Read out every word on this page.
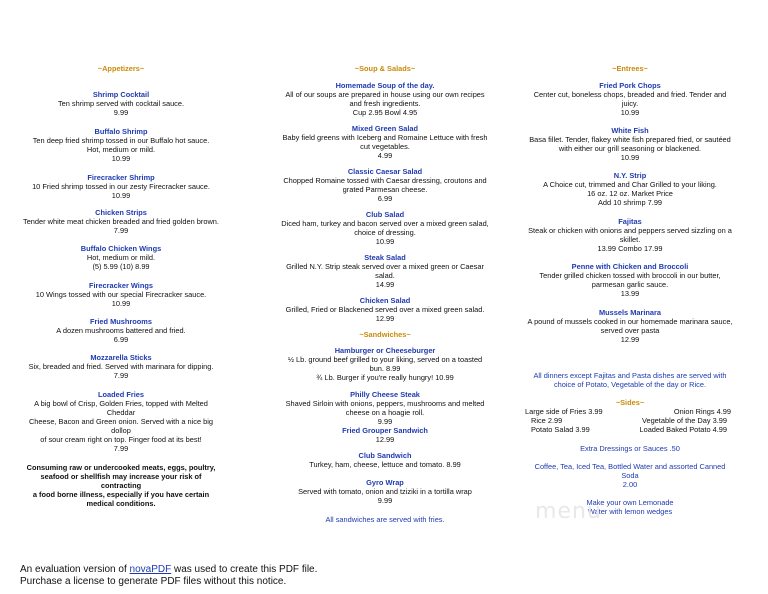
~Appetizers~
Shrimp Cocktail
Ten shrimp served with cocktail sauce.
9.99
Buffalo Shrimp
Ten deep fried shrimp tossed in our Buffalo hot sauce.
Hot, medium or mild.
10.99
Firecracker Shrimp
10 Fried shrimp tossed in our zesty Firecracker sauce.
10.99
Chicken Strips
Tender white meat chicken breaded and fried golden brown.
7.99
Buffalo Chicken Wings
Hot, medium or mild.
(5) 5.99 (10) 8.99
Firecracker Wings
10 Wings tossed with our special Firecracker sauce.
10.99
Fried Mushrooms
A dozen mushrooms battered and fried.
6.99
Mozzarella Sticks
Six, breaded and fried. Served with marinara for dipping.
7.99
Loaded Fries
A big bowl of Crisp, Golden Fries, topped with Melted Cheddar
Cheese, Bacon and Green onion. Served with a nice big dollop
of sour cream right on top. Finger food at its best!
7.99
Consuming raw or undercooked meats, eggs, poultry,
seafood or shellfish may increase your risk of contracting
a food borne illness, especially if you have certain
medical conditions.
~Soup & Salads~
Homemade Soup of the day.
All of our soups are prepared in house using our own recipes
and fresh ingredients.
Cup 2.95 Bowl 4.95
Mixed Green Salad
Baby field greens with Iceberg and Romaine Lettuce with fresh
cut vegetables.
4.99
Classic Caesar Salad
Chopped Romaine tossed with Caesar dressing, croutons and
grated Parmesan cheese.
6.99
Club Salad
Diced ham, turkey and bacon served over a mixed green salad,
choice of dressing.
10.99
Steak Salad
Grilled N.Y. Strip steak served over a mixed green or Caesar
salad.
14.99
Chicken Salad
Grilled, Fried or Blackened served over a mixed green salad.
12.99
~Sandwiches~
Hamburger or Cheeseburger
½ Lb. ground beef grilled to your liking, served on a toasted
bun. 8.99
¾ Lb. Burger if you're really hungry! 10.99
Philly Cheese Steak
Shaved Sirloin with onions, peppers, mushrooms and melted
cheese on a hoagie roll.
9.99
Fried Grouper Sandwich
12.99
Club Sandwich
Turkey, ham, cheese, lettuce and tomato. 8.99
Gyro Wrap
Served with tomato, onion and tziziki in a tortilla wrap
9.99
All sandwiches are served with fries.
~Entrees~
Fried Pork Chops
Center cut, boneless chops, breaded and fried. Tender and
juicy.
10.99
White Fish
Basa fillet. Tender, flakey white fish prepared fried, or sautéed
with either our grill seasoning or blackened.
10.99
N.Y. Strip
A Choice cut, trimmed and Char Grilled to your liking.
16 oz. 12 oz. Market Price
Add 10 shrimp 7.99
Fajitas
Steak or chicken with onions and peppers served sizzling on a
skillet.
13.99 Combo 17.99
Penne with Chicken and Broccoli
Tender grilled chicken tossed with broccoli in our butter,
parmesan garlic sauce.
13.99
Mussels Marinara
A pound of mussels cooked in our homemade marinara sauce,
served over pasta
12.99
All dinners except Fajitas and Pasta dishes are served with
choice of Potato, Vegetable of the day or Rice.
~Sides~
Large side of Fries 3.99	Onion Rings 4.99
Rice 2.99	Vegetable of the Day 3.99
Potato Salad 3.99	Loaded Baked Potato 4.99
Extra Dressings or Sauces .50
Coffee, Tea, Iced Tea, Bottled Water and assorted Canned
Soda
2.00
Make your own Lemonade
Water with lemon wedges
menu
An evaluation version of novaPDF was used to create this PDF file.
Purchase a license to generate PDF files without this notice.
